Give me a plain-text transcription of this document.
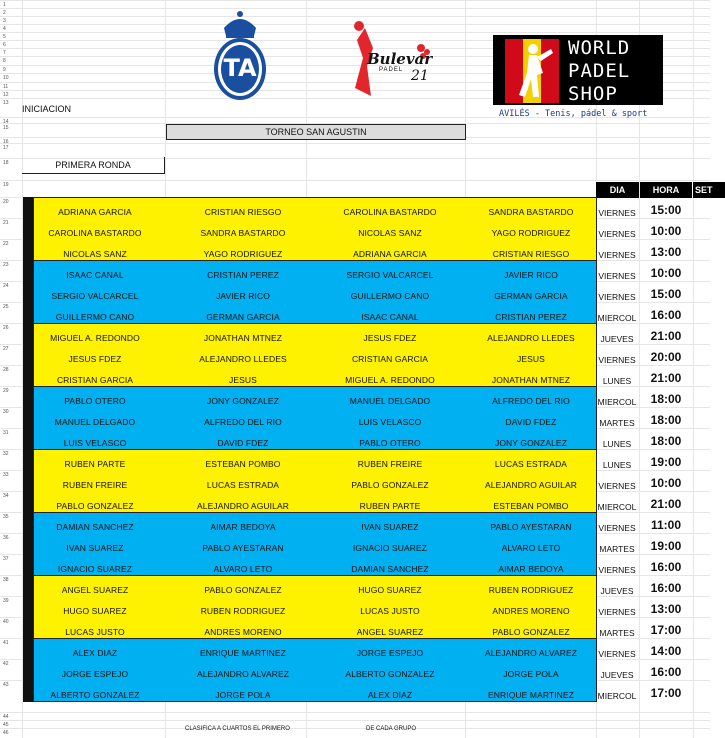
1
2
3
4
5
6
7
8
9
10
11
12
13
14
15
16
17
18
19
20
21
22
23
24
25
26
27
28
29
30
31
32
33
34
35
36
37
38
39
40
41
42
43
44
45
46
TA	Bulevar
PADEL 21
WORLD
PADEL
SHOP
AVILÉS - Tenis, pádel & sport
INICIACION
TORNEO SAN AGUSTIN
PRIMERA RONDA
DIA	HORA	SET
ADRIANA GARCIA	CRISTIAN RIESGO	CAROLINA BASTARDO	SANDRA BASTARDO	VIERNES	15:00
CAROLINA BASTARDO	SANDRA BASTARDO	NICOLAS SANZ	YAGO RODRIGUEZ	VIERNES	10:00
NICOLAS SANZ	YAGO RODRIGUEZ	ADRIANA GARCIA	CRISTIAN RIESGO	VIERNES	13:00
ISAAC CANAL	CRISTIAN PEREZ	SERGIO VALCARCEL	JAVIER RICO	VIERNES	10:00
SERGIO VALCARCEL	JAVIER RICO	GUILLERMO CANO	GERMAN GARCIA	VIERNES	15:00
GUILLERMO CANO	GERMAN GARCIA	ISAAC CANAL	CRISTIAN PEREZ	MIERCOL	16:00
MIGUEL A. REDONDO	JONATHAN MTNEZ	JESUS FDEZ	ALEJANDRO LLEDES	JUEVES	21:00
JESUS FDEZ	ALEJANDRO LLEDES	CRISTIAN GARCIA	JESUS	VIERNES	20:00
CRISTIAN GARCIA	JESUS	MIGUEL A. REDONDO	JONATHAN MTNEZ	LUNES	21:00
PABLO OTERO	JONY GONZALEZ	MANUEL DELGADO	ALFREDO DEL RIO	MIERCOL	18:00
MANUEL DELGADO	ALFREDO DEL RIO	LUIS VELASCO	DAVID FDEZ	MARTES	18:00
LUIS VELASCO	DAVID FDEZ	PABLO OTERO	JONY GONZALEZ	LUNES	18:00
RUBEN PARTE	ESTEBAN POMBO	RUBEN FREIRE	LUCAS ESTRADA	LUNES	19:00
RUBEN FREIRE	LUCAS ESTRADA	PABLO GONZALEZ	ALEJANDRO AGUILAR	VIERNES	10:00
PABLO GONZALEZ	ALEJANDRO AGUILAR	RUBEN PARTE	ESTEBAN POMBO	MIERCOL	21:00
DAMIAN SANCHEZ	AIMAR BEDOYA	IVAN SUAREZ	PABLO AYESTARAN	VIERNES	11:00
IVAN SUAREZ	PABLO AYESTARAN	IGNACIO SUAREZ	ALVARO LETO	MARTES	19:00
IGNACIO SUAREZ	ALVARO LETO	DAMIAN SANCHEZ	AIMAR BEDOYA	VIERNES	16:00
ANGEL SUAREZ	PABLO GONZALEZ	HUGO SUAREZ	RUBEN RODRIGUEZ	JUEVES	16:00
HUGO SUAREZ	RUBEN RODRIGUEZ	LUCAS JUSTO	ANDRES MORENO	VIERNES	13:00
LUCAS JUSTO	ANDRES MORENO	ANGEL SUAREZ	PABLO GONZALEZ	MARTES	17:00
ALEX DIAZ	ENRIQUE MARTINEZ	JORGE ESPEJO	ALEJANDRO ALVAREZ	VIERNES	14:00
JORGE ESPEJO	ALEJANDRO ALVAREZ	ALBERTO GONZALEZ	JORGE POLA	JUEVES	16:00
ALBERTO GONZALEZ	JORGE POLA	ALEX DIAZ	ENRIQUE MARTINEZ	MIERCOL	17:00
CLASIFICA A CUARTOS EL PRIMERO	DE CADA GRUPO
